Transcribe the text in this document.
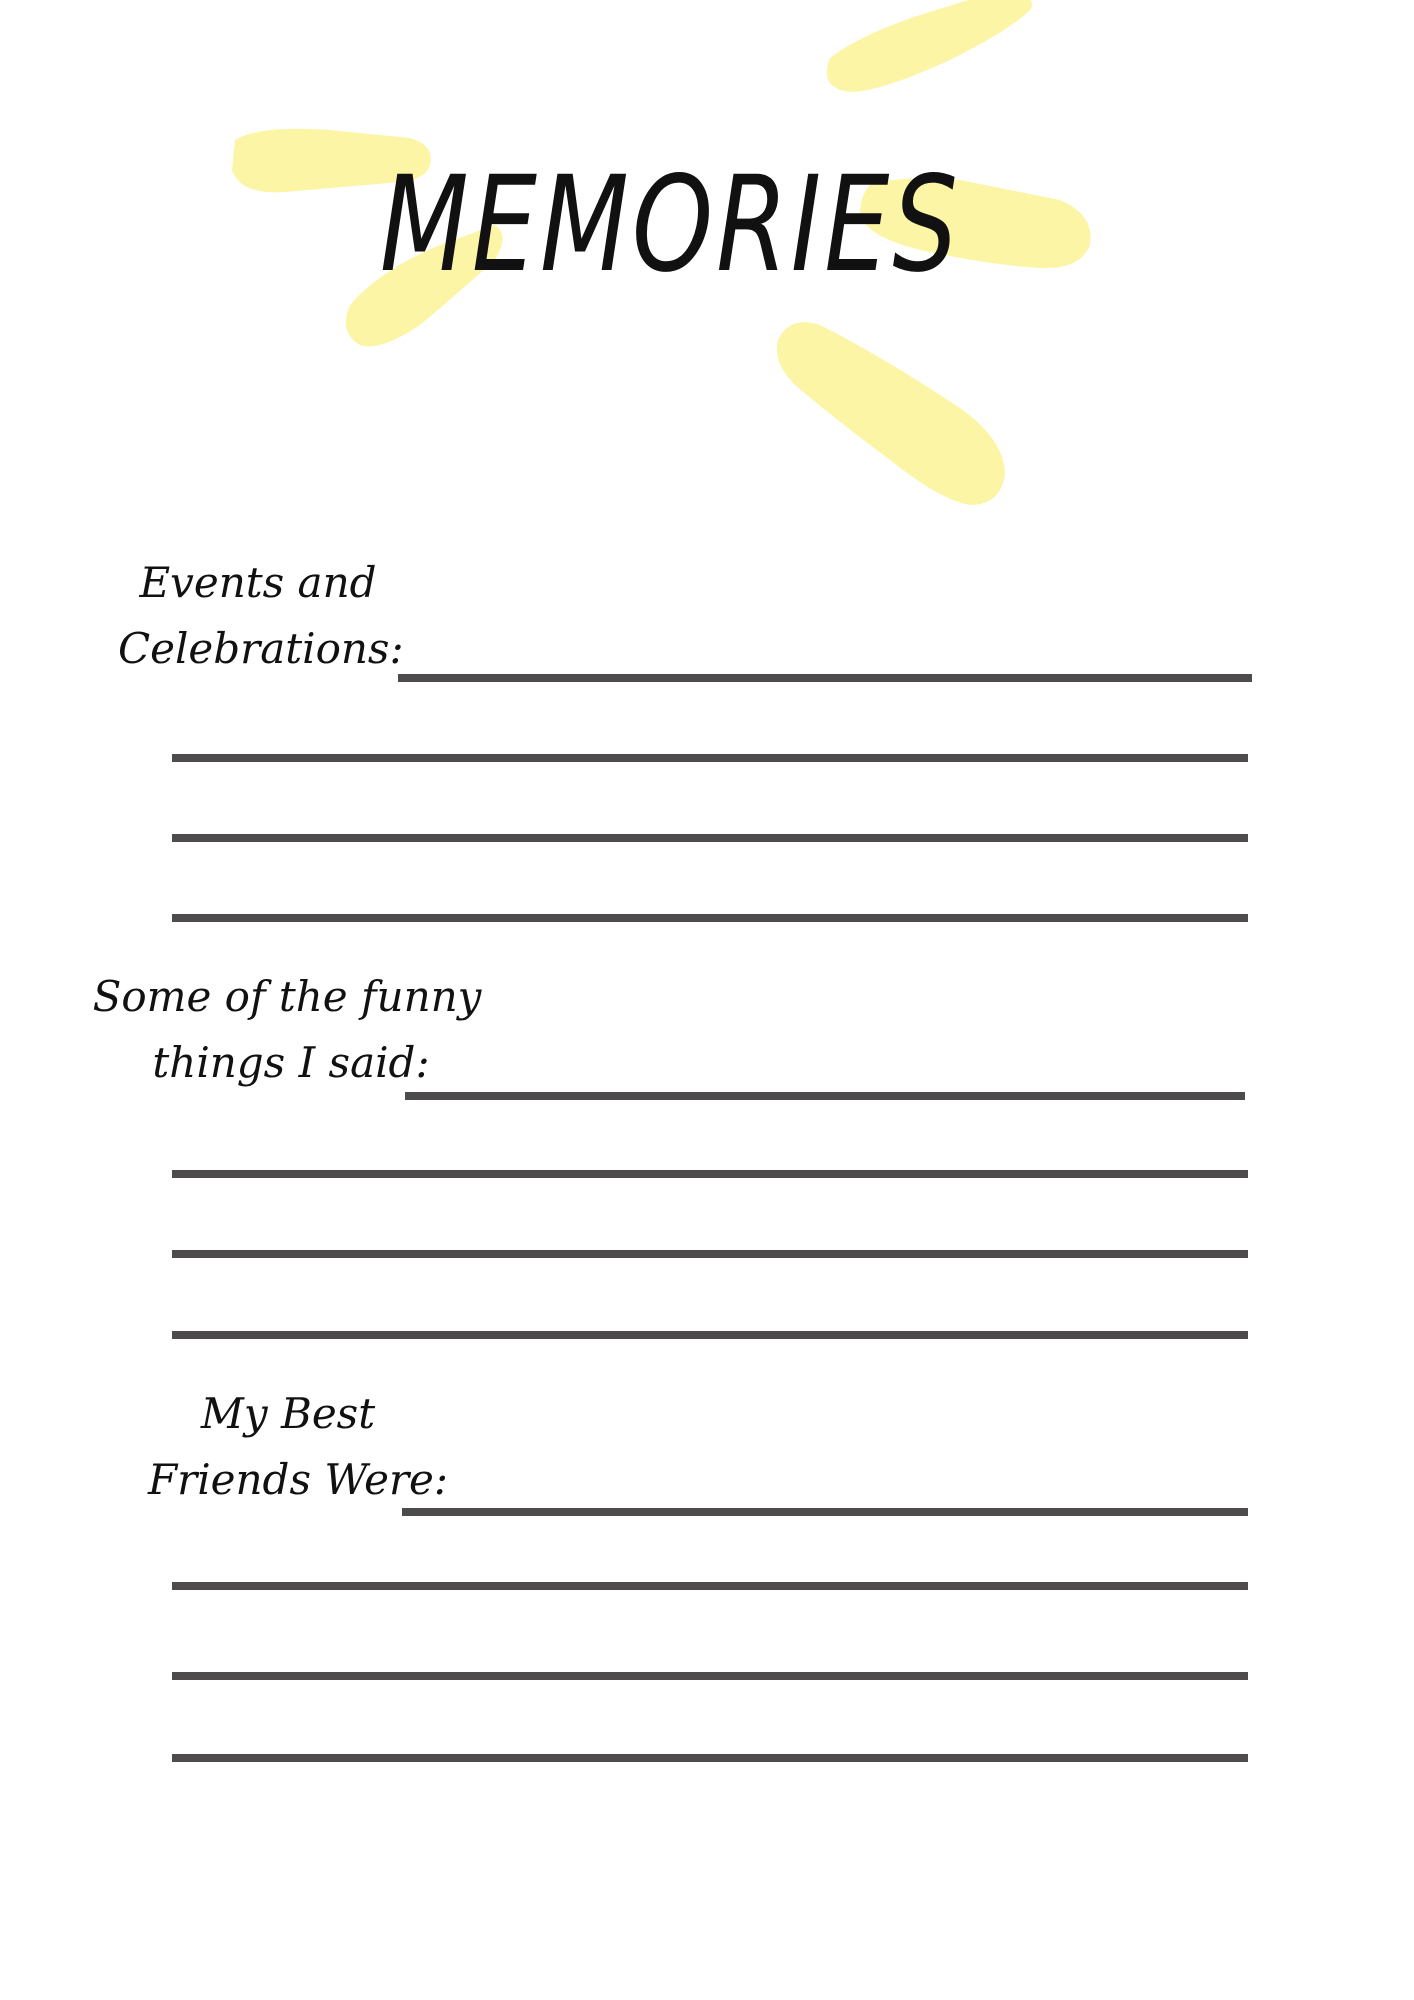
MEMORIES
Events and
Celebrations:
Some of the funny
things I said:
My Best
Friends Were:
